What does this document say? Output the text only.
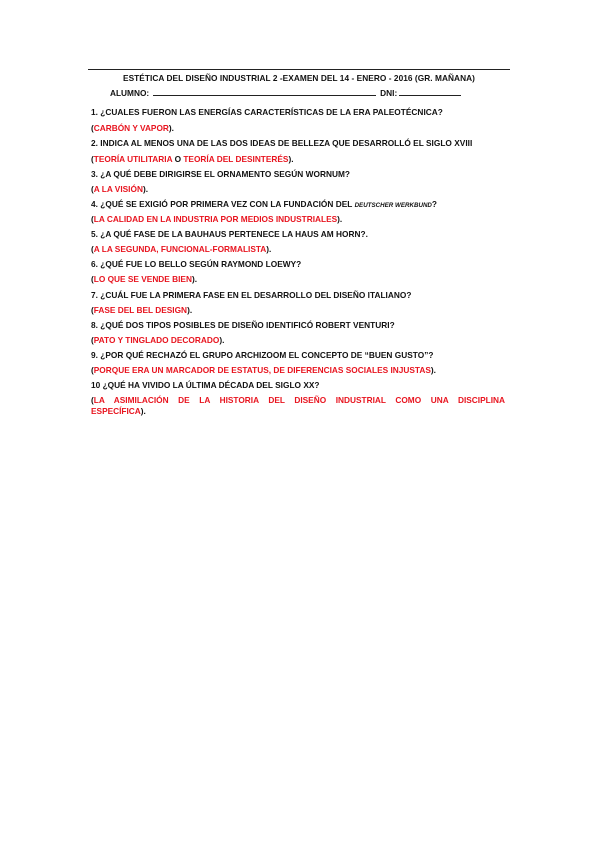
ESTÉTICA DEL DISEÑO INDUSTRIAL 2 -EXAMEN DEL 14 - ENERO - 2016 (GR. MAÑANA)
ALUMNO:	DNI:
1. ¿CUALES FUERON LAS ENERGÍAS CARACTERÍSTICAS DE LA ERA PALEOTÉCNICA?
(CARBÓN Y VAPOR).
2. INDICA AL MENOS UNA DE LAS DOS IDEAS DE BELLEZA QUE DESARROLLÓ EL SIGLO XVIII
(TEORÍA UTILITARIA O TEORÍA DEL DESINTERÉS).
3. ¿A QUÉ DEBE DIRIGIRSE EL ORNAMENTO SEGÚN WORNUM?
(A LA VISIÓN).
4. ¿QUÉ SE EXIGIÓ POR PRIMERA VEZ CON LA FUNDACIÓN DEL DEUTSCHER WERKBUND?
(LA CALIDAD EN LA INDUSTRIA POR MEDIOS INDUSTRIALES).
5. ¿A QUÉ FASE DE LA BAUHAUS PERTENECE LA HAUS AM HORN?.
(A LA SEGUNDA, FUNCIONAL-FORMALISTA).
6. ¿QUÉ FUE LO BELLO SEGÚN RAYMOND LOEWY?
(LO QUE SE VENDE BIEN).
7. ¿CUÁL FUE LA PRIMERA FASE EN EL DESARROLLO DEL DISEÑO ITALIANO?
(FASE DEL BEL DESIGN).
8. ¿QUÉ DOS TIPOS POSIBLES DE DISEÑO IDENTIFICÓ ROBERT VENTURI?
(PATO Y TINGLADO DECORADO).
9. ¿POR QUÉ RECHAZÓ EL GRUPO ARCHIZOOM EL CONCEPTO DE “BUEN GUSTO”?
(PORQUE ERA UN MARCADOR DE ESTATUS, DE DIFERENCIAS SOCIALES INJUSTAS).
10 ¿QUÉ HA VIVIDO LA ÚLTIMA DÉCADA DEL SIGLO XX?
(LA ASIMILACIÓN DE LA HISTORIA DEL DISEÑO INDUSTRIAL COMO UNA DISCIPLINA
ESPECÍFICA).
